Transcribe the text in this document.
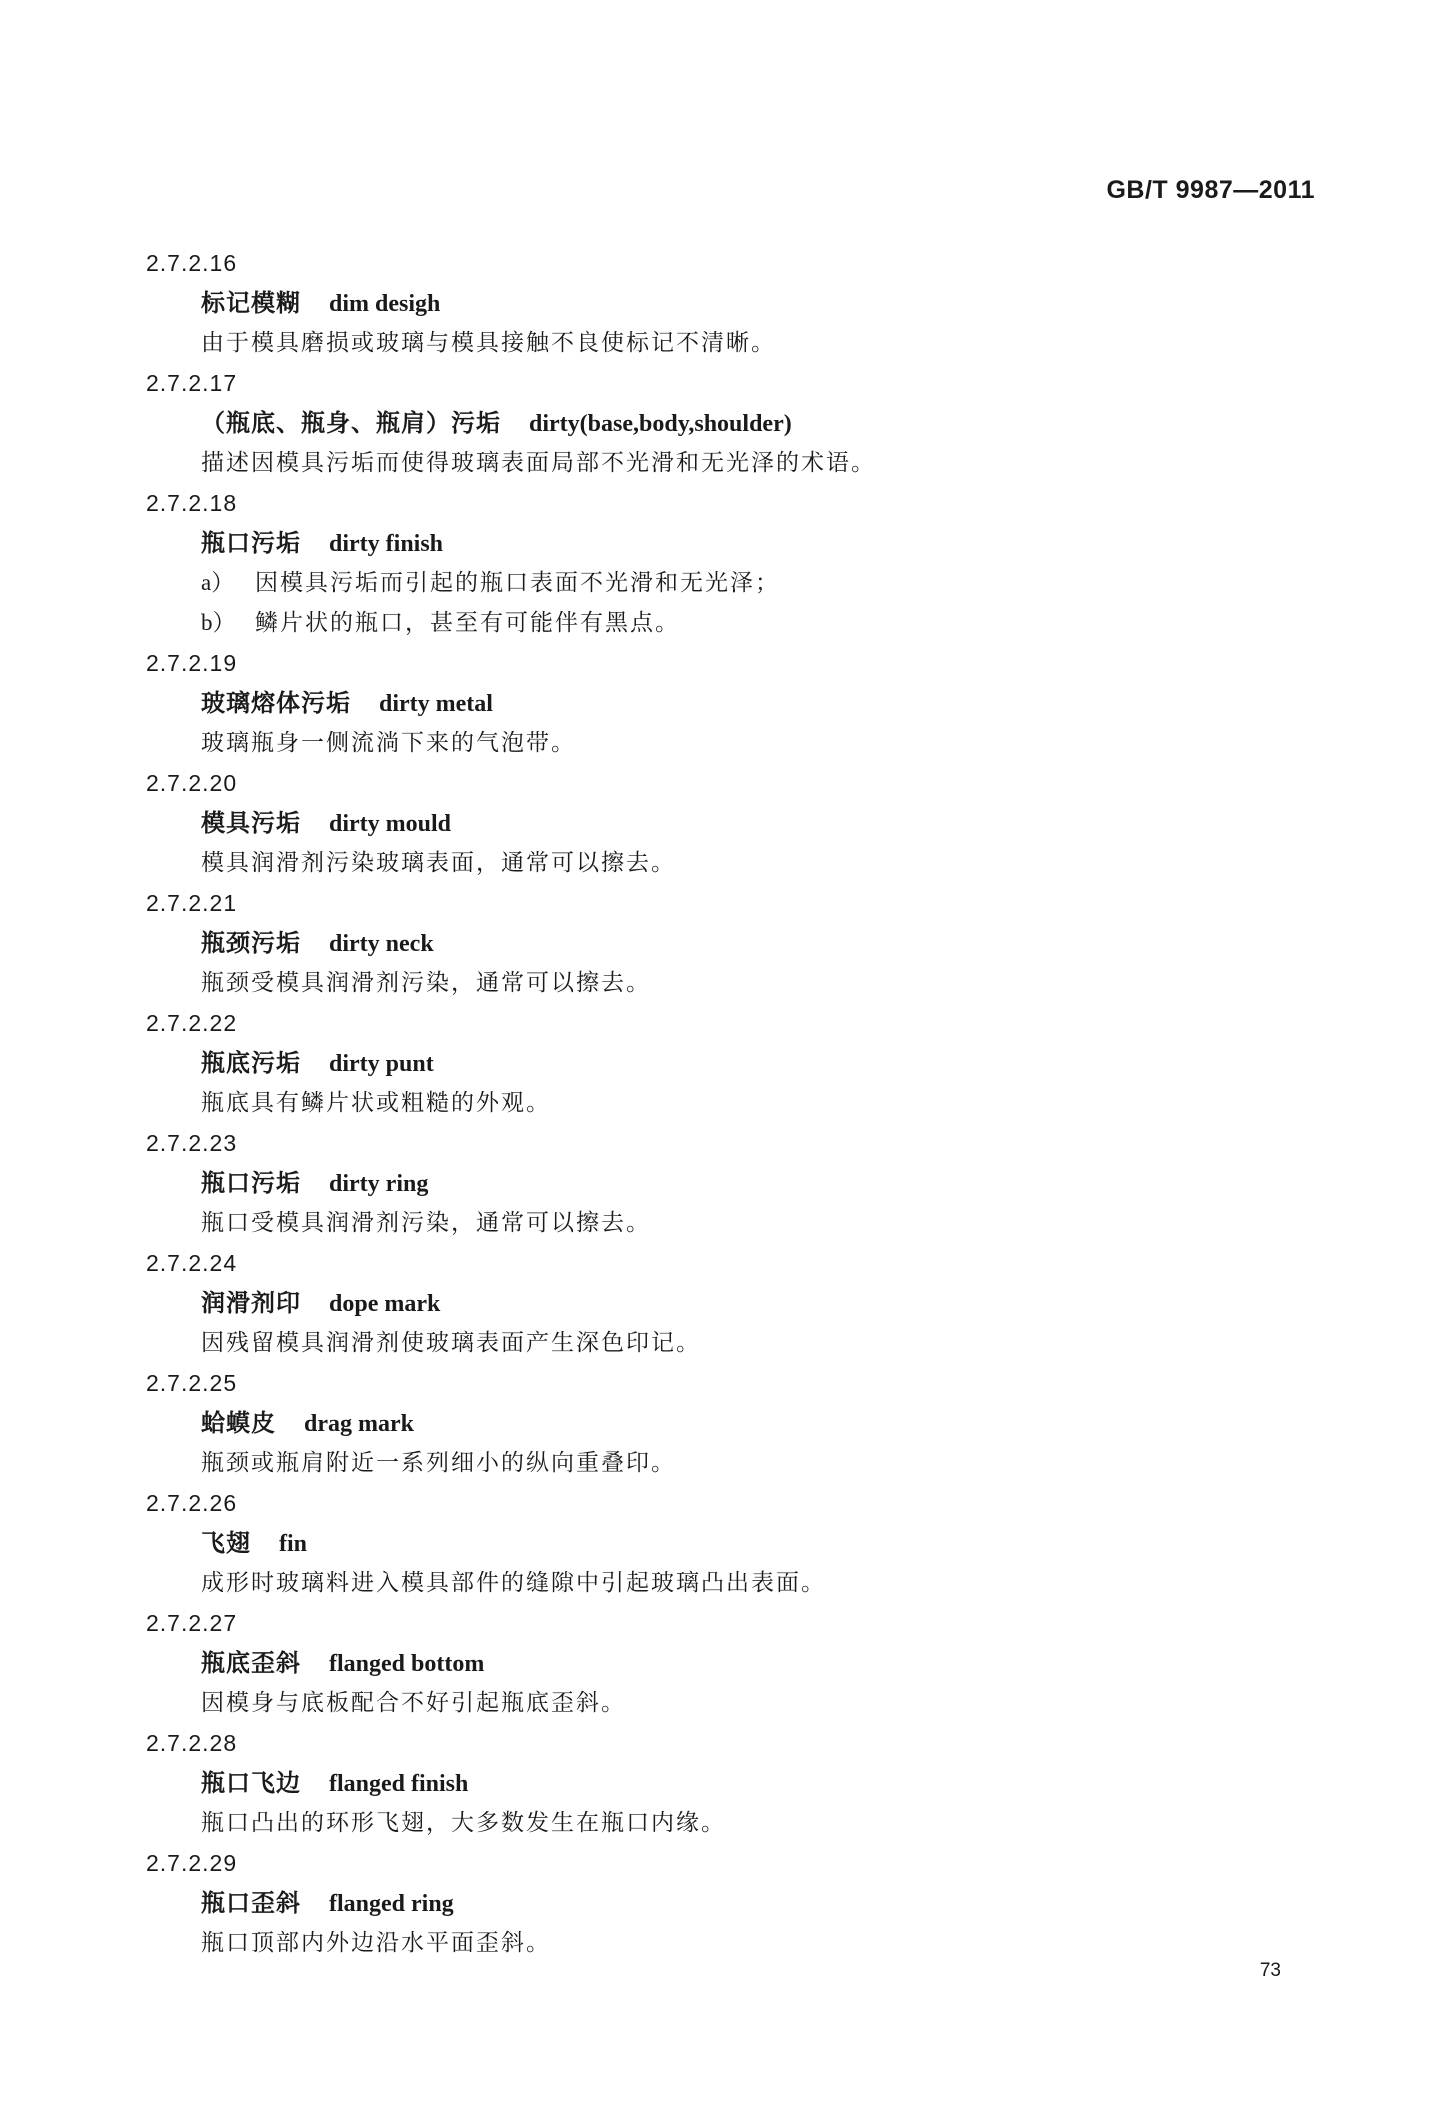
GB/T 9987—2011
2.7.2.16
标记模糊 dim desigh
由于模具磨损或玻璃与模具接触不良使标记不清晰。
2.7.2.17
（瓶底、瓶身、瓶肩）污垢 dirty(base,body,shoulder)
描述因模具污垢而使得玻璃表面局部不光滑和无光泽的术语。
2.7.2.18
瓶口污垢 dirty finish
a） 因模具污垢而引起的瓶口表面不光滑和无光泽；
b） 鳞片状的瓶口，甚至有可能伴有黑点。
2.7.2.19
玻璃熔体污垢 dirty metal
玻璃瓶身一侧流淌下来的气泡带。
2.7.2.20
模具污垢 dirty mould
模具润滑剂污染玻璃表面，通常可以擦去。
2.7.2.21
瓶颈污垢 dirty neck
瓶颈受模具润滑剂污染，通常可以擦去。
2.7.2.22
瓶底污垢 dirty punt
瓶底具有鳞片状或粗糙的外观。
2.7.2.23
瓶口污垢 dirty ring
瓶口受模具润滑剂污染，通常可以擦去。
2.7.2.24
润滑剂印 dope mark
因残留模具润滑剂使玻璃表面产生深色印记。
2.7.2.25
蛤蟆皮 drag mark
瓶颈或瓶肩附近一系列细小的纵向重叠印。
2.7.2.26
飞翅 fin
成形时玻璃料进入模具部件的缝隙中引起玻璃凸出表面。
2.7.2.27
瓶底歪斜 flanged bottom
因模身与底板配合不好引起瓶底歪斜。
2.7.2.28
瓶口飞边 flanged finish
瓶口凸出的环形飞翅，大多数发生在瓶口内缘。
2.7.2.29
瓶口歪斜 flanged ring
瓶口顶部内外边沿水平面歪斜。
73
